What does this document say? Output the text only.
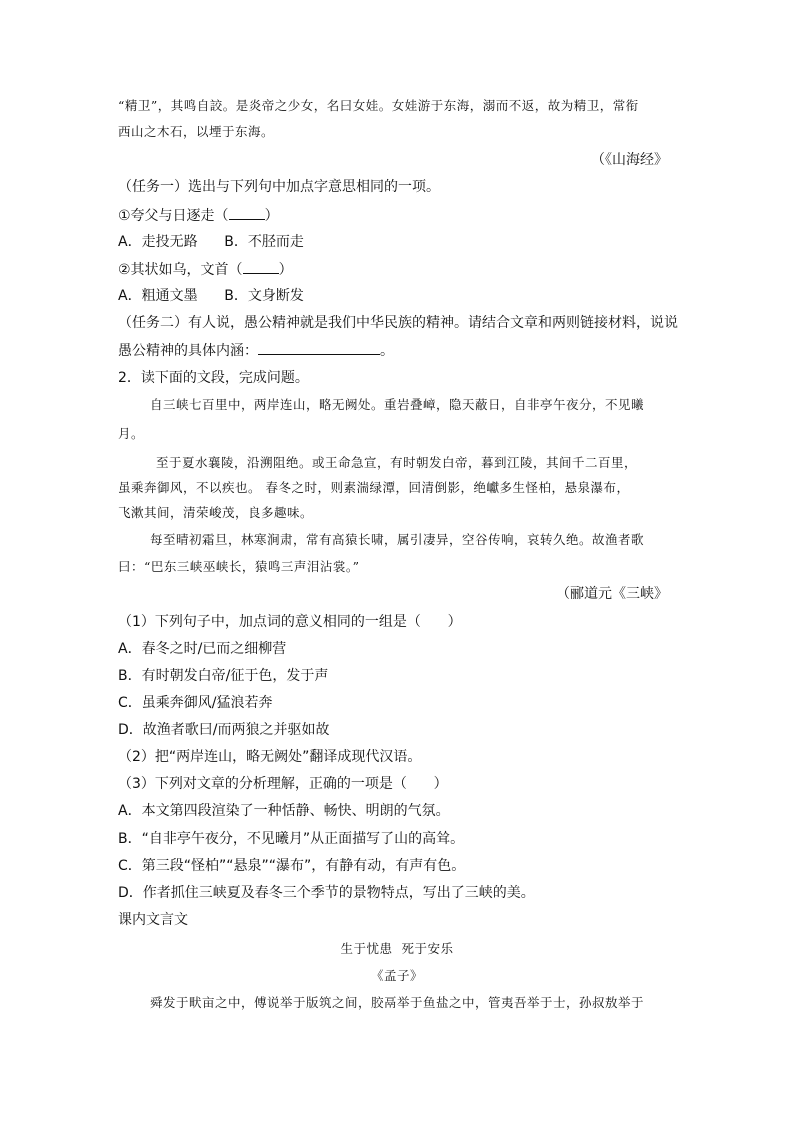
“精卫”，其鸣自詨。是炎帝之少女，名曰女娃。女娃游于东海，溺而不返，故为精卫，常衔
西山之木石，以堙于东海。
（《山海经》
（任务一）选出与下列句中加点字意思相同的一项。
①夸父与日逐走（	）
A．走投无路      B．不胫而走
②其状如乌，文首（	）
A．粗通文墨      B．文身断发
（任务二）有人说，愚公精神就是我们中华民族的精神。请结合文章和两则链接材料，说说
愚公精神的具体内涵：	。
2．读下面的文段，完成问题。
自三峡七百里中，两岸连山，略无阙处。重岩叠嶂，隐天蔽日，自非亭午夜分，不见曦
月。
至于夏水襄陵，沿溯阻绝。或王命急宣，有时朝发白帝，暮到江陵，其间千二百里，
虽乘奔御风，不以疾也。 春冬之时，则素湍绿潭，回清倒影，绝巘多生怪柏，悬泉瀑布，
飞漱其间，清荣峻茂，良多趣味。
每至晴初霜旦，林寒涧肃，常有高猿长啸，属引凄异，空谷传响，哀转久绝。故渔者歌
曰：“巴东三峡巫峡长，猿鸣三声泪沾裳。”
（郦道元《三峡》
（1）下列句子中，加点词的意义相同的一组是（      ）
A．春冬之时/已而之细柳营
B．有时朝发白帝/征于色，发于声
C．虽乘奔御风/猛浪若奔
D．故渔者歌曰/而两狼之并驱如故
（2）把“两岸连山，略无阙处”翻译成现代汉语。
（3）下列对文章的分析理解，正确的一项是（      ）
A．本文第四段渲染了一种恬静、畅快、明朗的气氛。
B．“自非亭午夜分，不见曦月”从正面描写了山的高耸。
C．第三段“怪柏”“悬泉”“瀑布”，有静有动，有声有色。
D．作者抓住三峡夏及春冬三个季节的景物特点，写出了三峡的美。
课内文言文
生于忧患  死于安乐
《孟子》
舜发于畎亩之中，傅说举于版筑之间，胶鬲举于鱼盐之中，管夷吾举于士，孙叔敖举于
